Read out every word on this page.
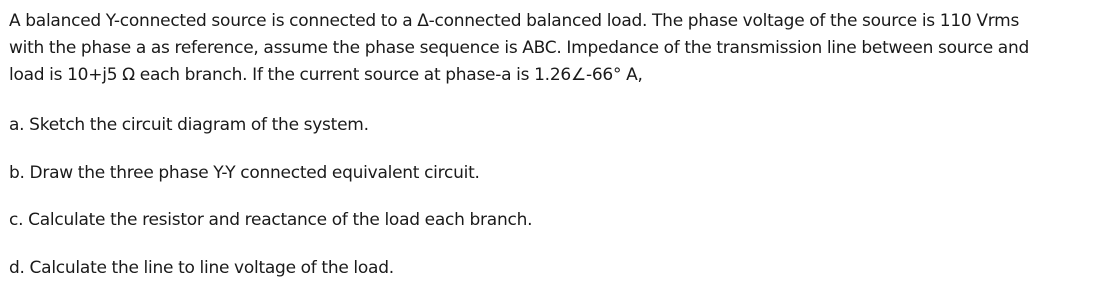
A balanced Y-connected source is connected to a Δ-connected balanced load. The phase voltage of the source is 110 Vrms
with the phase a as reference, assume the phase sequence is ABC. Impedance of the transmission line between source and
load is 10+j5 Ω each branch. If the current source at phase-a is 1.26∠-66° A,

a. Sketch the circuit diagram of the system.
b. Draw the three phase Y-Y connected equivalent circuit.
c. Calculate the resistor and reactance of the load each branch.
d. Calculate the line to line voltage of the load.
